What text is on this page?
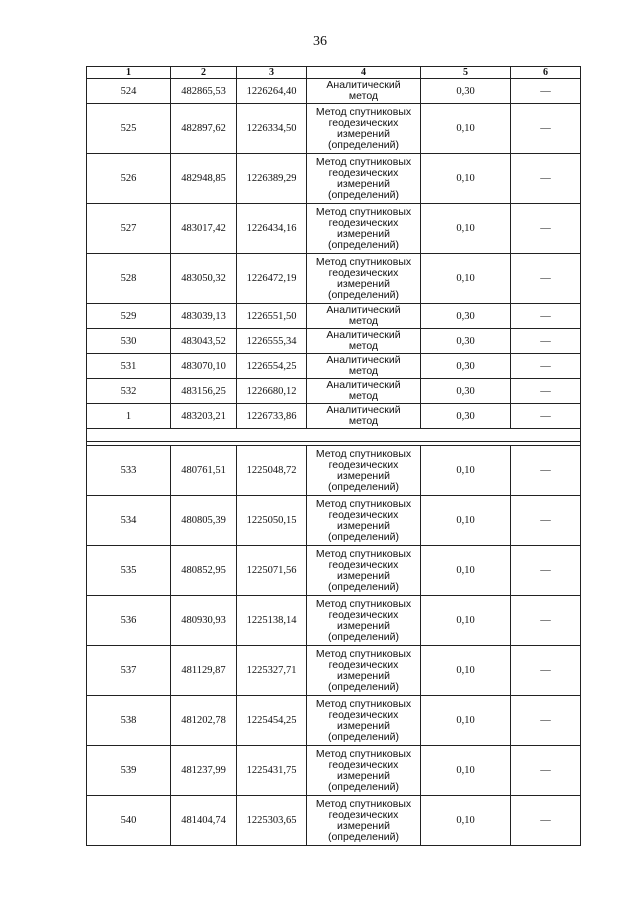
36
1	2	3	4	5	6
524	482865,53	1226264,40	Аналитический
метод	0,30	—
525	482897,62	1226334,50	Метод спутниковых
геодезических
измерений
(определений)	0,10	—
526	482948,85	1226389,29	Метод спутниковых
геодезических
измерений
(определений)	0,10	—
527	483017,42	1226434,16	Метод спутниковых
геодезических
измерений
(определений)	0,10	—
528	483050,32	1226472,19	Метод спутниковых
геодезических
измерений
(определений)	0,10	—
529	483039,13	1226551,50	Аналитический
метод	0,30	—
530	483043,52	1226555,34	Аналитический
метод	0,30	—
531	483070,10	1226554,25	Аналитический
метод	0,30	—
532	483156,25	1226680,12	Аналитический
метод	0,30	—
1	483203,21	1226733,86	Аналитический
метод	0,30	—

533	480761,51	1225048,72	Метод спутниковых
геодезических
измерений
(определений)	0,10	—
534	480805,39	1225050,15	Метод спутниковых
геодезических
измерений
(определений)	0,10	—
535	480852,95	1225071,56	Метод спутниковых
геодезических
измерений
(определений)	0,10	—
536	480930,93	1225138,14	Метод спутниковых
геодезических
измерений
(определений)	0,10	—
537	481129,87	1225327,71	Метод спутниковых
геодезических
измерений
(определений)	0,10	—
538	481202,78	1225454,25	Метод спутниковых
геодезических
измерений
(определений)	0,10	—
539	481237,99	1225431,75	Метод спутниковых
геодезических
измерений
(определений)	0,10	—
540	481404,74	1225303,65	Метод спутниковых
геодезических
измерений
(определений)	0,10	—
